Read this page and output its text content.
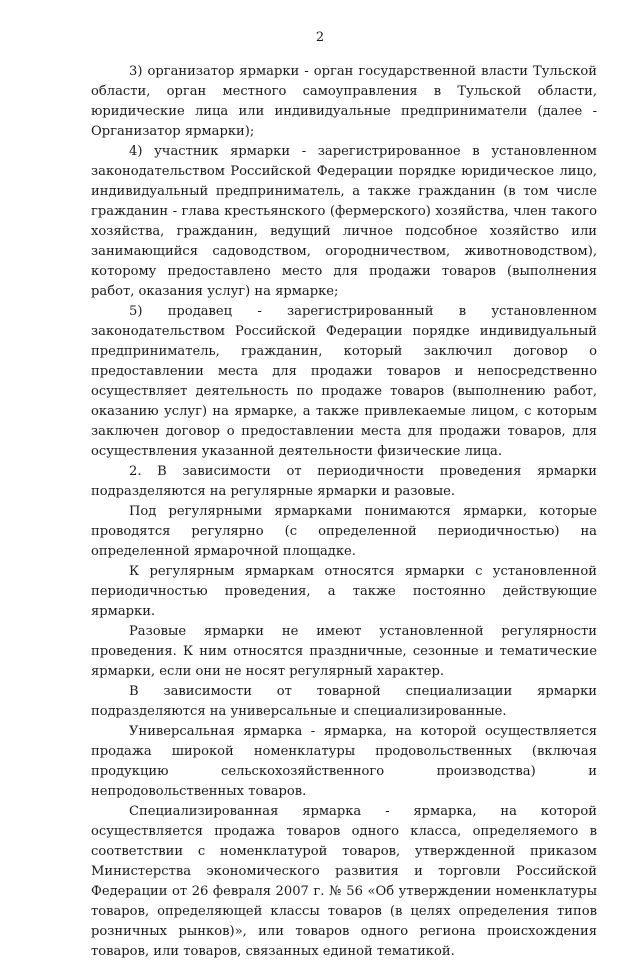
2

3) организатор ярмарки - орган государственной власти Тульской области, орган местного самоуправления в Тульской области, юридические лица или индивидуальные предприниматели (далее - Организатор ярмарки);

4) участник ярмарки - зарегистрированное в установленном законодательством Российской Федерации порядке юридическое лицо, индивидуальный предприниматель, а также гражданин (в том числе гражданин - глава крестьянского (фермерского) хозяйства, член такого хозяйства, гражданин, ведущий личное подсобное хозяйство или занимающийся садоводством, огородничеством, животноводством), которому предоставлено место для продажи товаров (выполнения работ, оказания услуг) на ярмарке;

5) продавец - зарегистрированный в установленном законодательством Российской Федерации порядке индивидуальный предприниматель, гражданин, который заключил договор о предоставлении места для продажи товаров и непосредственно осуществляет деятельность по продаже товаров (выполнению работ, оказанию услуг) на ярмарке, а также привлекаемые лицом, с которым заключен договор о предоставлении места для продажи товаров, для осуществления указанной деятельности физические лица.

2. В зависимости от периодичности проведения ярмарки подразделяются на регулярные ярмарки и разовые.

Под регулярными ярмарками понимаются ярмарки, которые проводятся регулярно (с определенной периодичностью) на определенной ярмарочной площадке.

К регулярным ярмаркам относятся ярмарки с установленной периодичностью проведения, а также постоянно действующие ярмарки.

Разовые ярмарки не имеют установленной регулярности проведения. К ним относятся праздничные, сезонные и тематические ярмарки, если они не носят регулярный характер.

В зависимости от товарной специализации ярмарки подразделяются на универсальные и специализированные.

Универсальная ярмарка - ярмарка, на которой осуществляется продажа широкой номенклатуры продовольственных (включая продукцию сельскохозяйственного производства) и непродовольственных товаров.

Специализированная ярмарка - ярмарка, на которой осуществляется продажа товаров одного класса, определяемого в соответствии с номенклатурой товаров, утвержденной приказом Министерства экономического развития и торговли Российской Федерации от 26 февраля 2007 г. № 56 «Об утверждении номенклатуры товаров, определяющей классы товаров (в целях определения типов розничных рынков)», или товаров одного региона происхождения товаров, или товаров, связанных единой тематикой.
